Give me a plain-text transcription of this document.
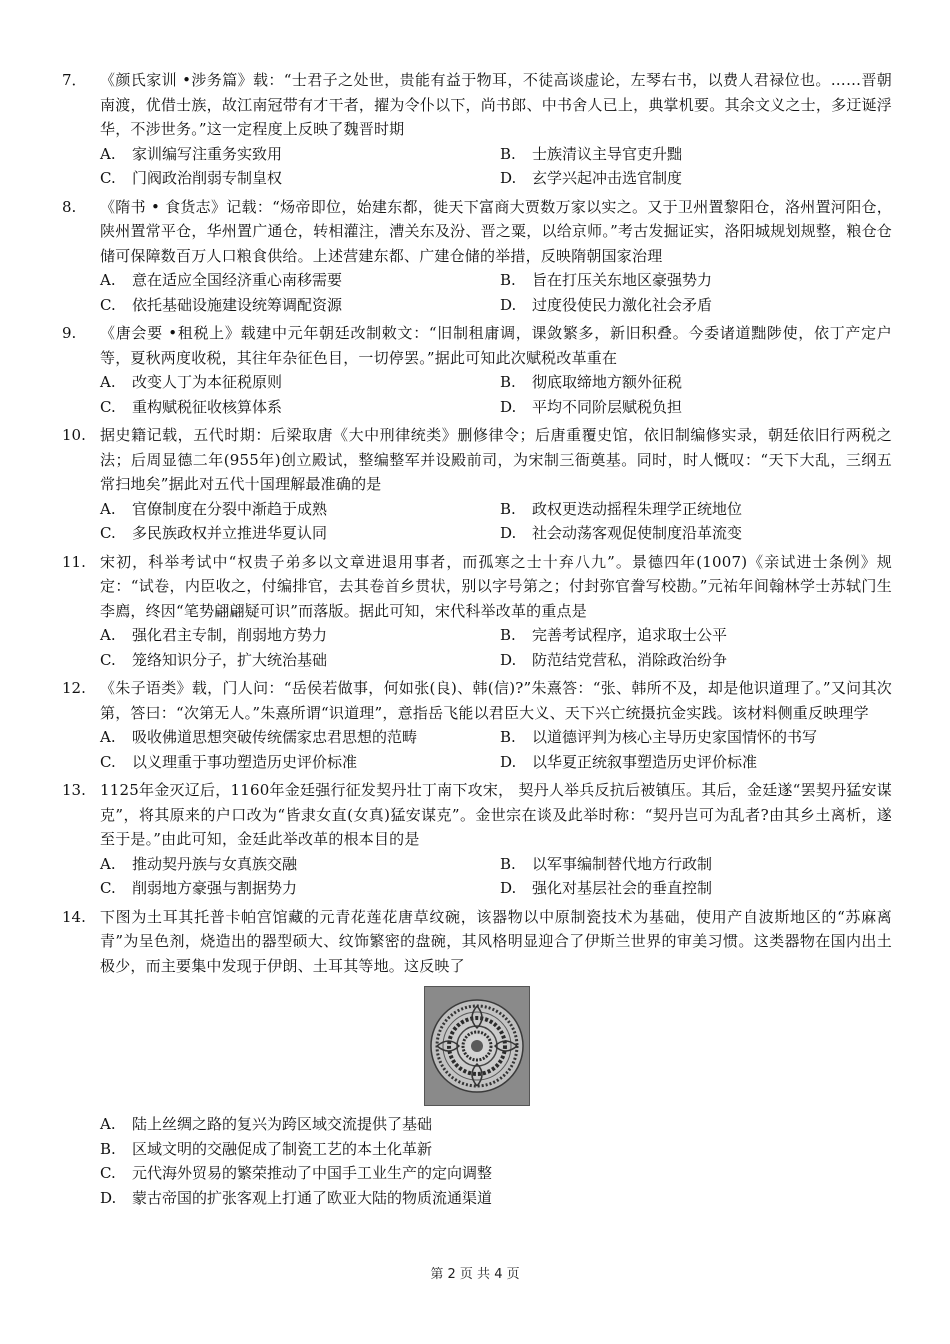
7． 《颜氏家训 •涉务篇》载：“士君子之处世，贵能有益于物耳，不徒高谈虚论，左琴右书，以费人君禄位也。……晋朝南渡，优借士族，故江南冠带有才干者，擢为令仆以下，尚书郎、中书舍人已上，典掌机要。其余文义之士，多迂诞浮华，不涉世务。”这一定程度上反映了魏晋时期
A. 家训编写注重务实致用	B. 士族清议主导官吏升黜
C. 门阀政治削弱专制皇权	D. 玄学兴起冲击选官制度
8.	《隋书 • 食货志》记载：“炀帝即位，始建东都，徙天下富商大贾数万家以实之。又于卫州置黎阳仓，洛州置河阳仓，陕州置常平仓，华州置广通仓，转相灌注，漕关东及汾、晋之粟，以给京师。”考古发掘证实，洛阳城规划规整，粮仓仓储可保障数百万人口粮食供给。上述营建东都、广建仓储的举措，反映隋朝国家治理
A. 意在适应全国经济重心南移需要	B. 旨在打压关东地区豪强势力
C. 依托基础设施建设统筹调配资源	D. 过度役使民力激化社会矛盾
9.	《唐会要 •租税上》载建中元年朝廷改制敕文：“旧制租庸调，课敛繁多，新旧积叠。今委诸道黜陟使，依丁产定户等，夏秋两度收税，其往年杂征色目，一切停罢。”据此可知此次赋税改革重在
A. 改变人丁为本征税原则	B. 彻底取缔地方额外征税
C. 重构赋税征收核算体系	D. 平均不同阶层赋税负担
10. 据史籍记载，五代时期：后梁取唐《大中刑律统类》删修律令；后唐重覆史馆，依旧制编修实录，朝廷依旧行两税之法；后周显德二年(955年)创立殿试，整编整军并设殿前司，为宋制三衙奠基。同时，时人慨叹：“天下大乱，三纲五常扫地矣”据此对五代十国理解最准确的是
A. 官僚制度在分裂中渐趋于成熟	B. 政权更迭动摇程朱理学正统地位
C. 多民族政权并立推进华夏认同	D. 社会动荡客观促使制度沿革流变
11. 宋初，科举考试中“权贵子弟多以文章进退用事者，而孤寒之士十弃八九”。景德四年(1007)《亲试进士条例》规定：“试卷，内臣收之，付编排官，去其卷首乡贯状，别以字号第之；付封弥官誊写校勘。”元祐年间翰林学士苏轼门生李廌，终因“笔势翩翩疑可识”而落版。据此可知，宋代科举改革的重点是
A. 强化君主专制，削弱地方势力	B. 完善考试程序，追求取士公平
C. 笼络知识分子，扩大统治基础	D. 防范结党营私，消除政治纷争
12. 《朱子语类》载，门人问：“岳侯若做事，何如张(良)、韩(信)?”朱熹答：“张、韩所不及，却是他识道理了。”又问其次第，答曰：“次第无人。”朱熹所谓“识道理”，意指岳飞能以君臣大义、天下兴亡统摄抗金实践。该材料侧重反映理学
A. 吸收佛道思想突破传统儒家忠君思想的范畴	B. 以道德评判为核心主导历史家国情怀的书写
C. 以义理重于事功塑造历史评价标准	D. 以华夏正统叙事塑造历史评价标准
13. 1125年金灭辽后，1160年金廷强行征发契丹壮丁南下攻宋， 契丹人举兵反抗后被镇压。其后，金廷遂“罢契丹猛安谋克”，将其原来的户口改为“皆隶女直(女真)猛安谋克”。金世宗在谈及此举时称：“契丹岂可为乱者?由其乡土离析，遂至于是。”由此可知，金廷此举改革的根本目的是
A. 推动契丹族与女真族交融	B. 以军事编制替代地方行政制
C. 削弱地方豪强与割据势力	D. 强化对基层社会的垂直控制
14. 下图为土耳其托普卡帕宫馆藏的元青花莲花唐草纹碗，该器物以中原制瓷技术为基础，使用产自波斯地区的“苏麻离青”为呈色剂，烧造出的器型硕大、纹饰繁密的盘碗，其风格明显迎合了伊斯兰世界的审美习惯。这类器物在国内出土极少，而主要集中发现于伊朗、土耳其等地。这反映了
A. 陆上丝绸之路的复兴为跨区域交流提供了基础
B. 区域文明的交融促成了制瓷工艺的本土化革新
C. 元代海外贸易的繁荣推动了中国手工业生产的定向调整
D. 蒙古帝国的扩张客观上打通了欧亚大陆的物质流通渠道
第 2 页 共 4 页
